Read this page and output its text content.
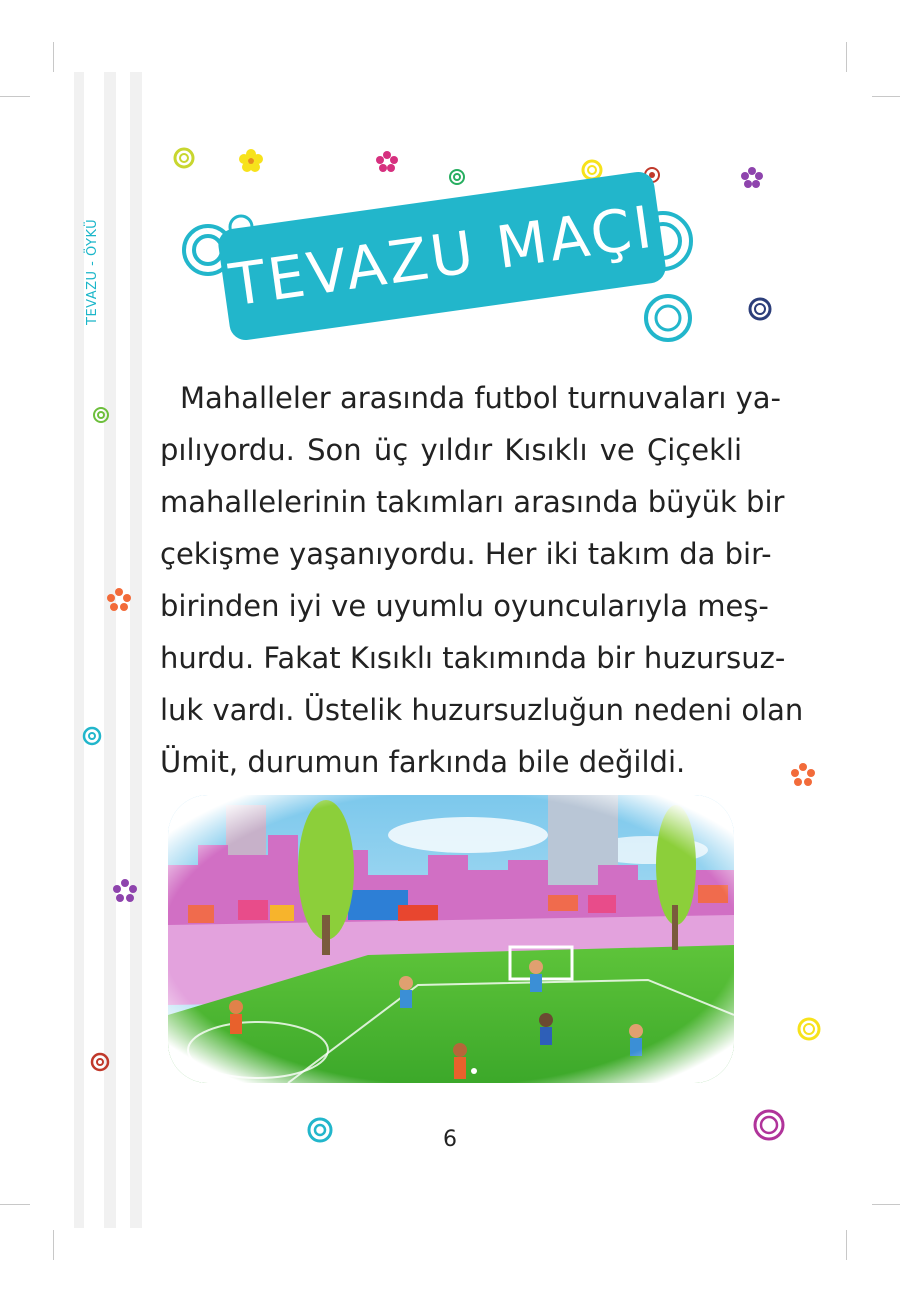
TEVAZU - ÖYKÜ TEVAZU MAÇI
Mahalleler arasında futbol turnuvaları ya-
pılıyordu. Son üç yıldır Kısıklı ve Çiçekli
mahallelerinin takımları arasında büyük bir
çekişme yaşanıyordu. Her iki takım da bir-
birinden iyi ve uyumlu oyuncularıyla meş-
hurdu. Fakat Kısıklı takımında bir huzursuz-
luk vardı. Üstelik huzursuzluğun nedeni olan
Ümit, durumun farkında bile değildi.
6
